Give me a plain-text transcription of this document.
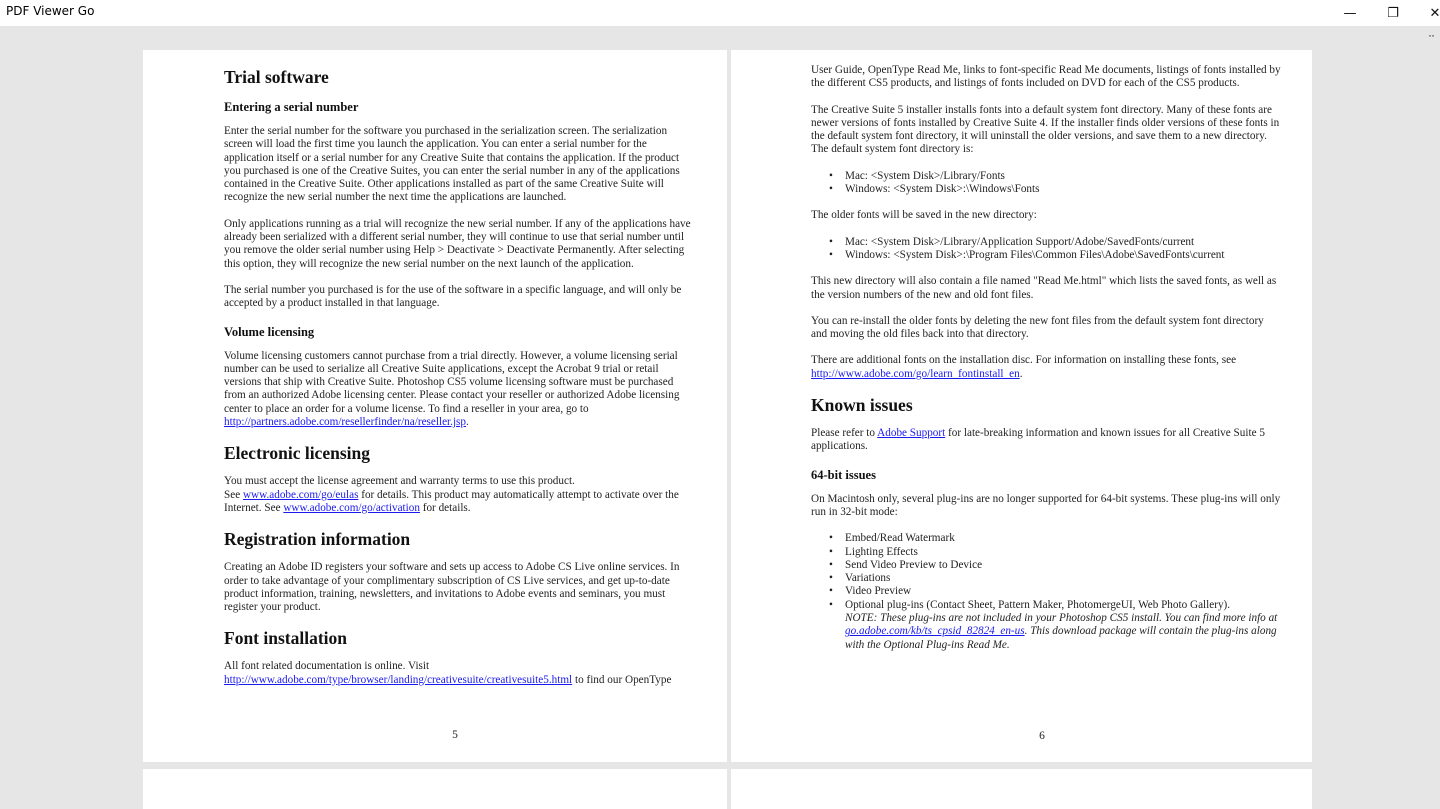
PDF Viewer Go	— ❐ ✕
Trial software
Entering a serial number

Enter the serial number for the software you purchased in the serialization screen. The serialization screen will load the first time you launch the application. You can enter a serial number for the application itself or a serial number for any Creative Suite that contains the application. If the product you purchased is one of the Creative Suites, you can enter the serial number in any of the applications contained in the Creative Suite. Other applications installed as part of the same Creative Suite will recognize the new serial number the next time the applications are launched.

Only applications running as a trial will recognize the new serial number. If any of the applications have already been serialized with a different serial number, they will continue to use that serial number until you remove the older serial number using Help > Deactivate > Deactivate Permanently. After selecting this option, they will recognize the new serial number on the next launch of the application.

The serial number you purchased is for the use of the software in a specific language, and will only be accepted by a product installed in that language.

Volume licensing

Volume licensing customers cannot purchase from a trial directly. However, a volume licensing serial number can be used to serialize all Creative Suite applications, except the Acrobat 9 trial or retail versions that ship with Creative Suite. Photoshop CS5 volume licensing software must be purchased from an authorized Adobe licensing center. Please contact your reseller or authorized Adobe licensing center to place an order for a volume license. To find a reseller in your area, go to http://partners.adobe.com/resellerfinder/na/reseller.jsp.

Electronic licensing

You must accept the license agreement and warranty terms to use this product.
See www.adobe.com/go/eulas for details. This product may automatically attempt to activate over the Internet. See www.adobe.com/go/activation for details.

Registration information

Creating an Adobe ID registers your software and sets up access to Adobe CS Live online services. In order to take advantage of your complimentary subscription of CS Live services, and get up-to-date product information, training, newsletters, and invitations to Adobe events and seminars, you must register your product.

Font installation

All font related documentation is online. Visit
http://www.adobe.com/type/browser/landing/creativesuite/creativesuite5.html to find our OpenType

5

User Guide, OpenType Read Me, links to font-specific Read Me documents, listings of fonts installed by the different CS5 products, and listings of fonts included on DVD for each of the CS5 products.

The Creative Suite 5 installer installs fonts into a default system font directory. Many of these fonts are newer versions of fonts installed by Creative Suite 4. If the installer finds older versions of these fonts in the default system font directory, it will uninstall the older versions, and save them to a new directory. The default system font directory is:

• Mac: <System Disk>/Library/Fonts
• Windows: <System Disk>:\Windows\Fonts

The older fonts will be saved in the new directory:

• Mac: <System Disk>/Library/Application Support/Adobe/SavedFonts/current
• Windows: <System Disk>:\Program Files\Common Files\Adobe\SavedFonts\current

This new directory will also contain a file named "Read Me.html" which lists the saved fonts, as well as the version numbers of the new and old font files.

You can re-install the older fonts by deleting the new font files from the default system font directory and moving the old files back into that directory.

There are additional fonts on the installation disc. For information on installing these fonts, see http://www.adobe.com/go/learn_fontinstall_en.

Known issues

Please refer to Adobe Support for late-breaking information and known issues for all Creative Suite 5 applications.

64-bit issues

On Macintosh only, several plug-ins are no longer supported for 64-bit systems. These plug-ins will only run in 32-bit mode:

• Embed/Read Watermark
• Lighting Effects
• Send Video Preview to Device
• Variations
• Video Preview
• Optional plug-ins (Contact Sheet, Pattern Maker, PhotomergeUI, Web Photo Gallery).
NOTE: These plug-ins are not included in your Photoshop CS5 install. You can find more info at go.adobe.com/kb/ts_cpsid_82824_en-us. This download package will contain the plug-ins along with the Optional Plug-ins Read Me.
6
··
